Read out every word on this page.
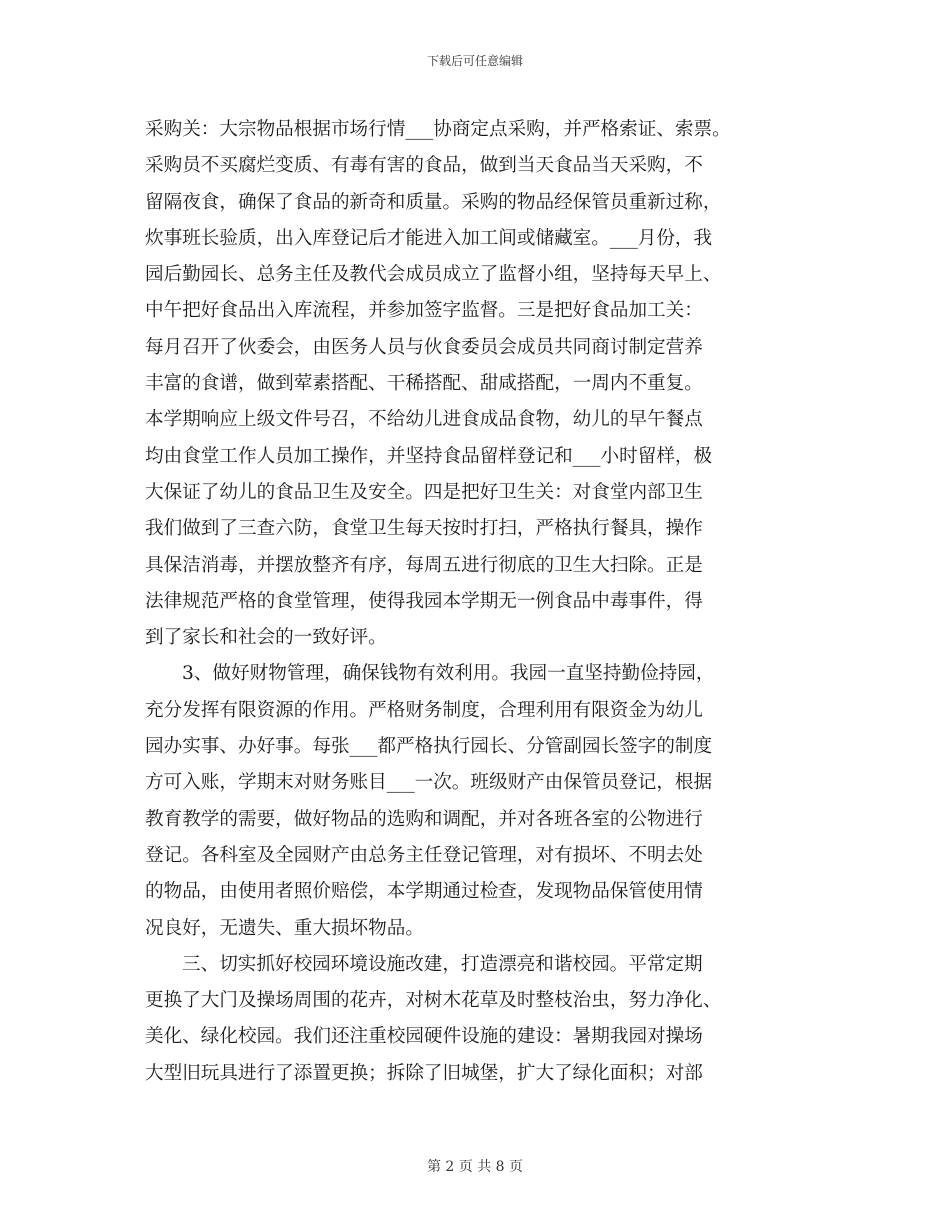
下载后可任意编辑
采购关：大宗物品根据市场行情___协商定点采购，并严格索证、索票。
采购员不买腐烂变质、有毒有害的食品，做到当天食品当天采购，不
留隔夜食，确保了食品的新奇和质量。采购的物品经保管员重新过称，
炊事班长验质，出入库登记后才能进入加工间或储藏室。___月份，我
园后勤园长、总务主任及教代会成员成立了监督小组，坚持每天早上、
中午把好食品出入库流程，并参加签字监督。三是把好食品加工关：
每月召开了伙委会，由医务人员与伙食委员会成员共同商讨制定营养
丰富的食谱，做到荤素搭配、干稀搭配、甜咸搭配，一周内不重复。
本学期响应上级文件号召，不给幼儿进食成品食物，幼儿的早午餐点
均由食堂工作人员加工操作，并坚持食品留样登记和___小时留样，极
大保证了幼儿的食品卫生及安全。四是把好卫生关：对食堂内部卫生
我们做到了三查六防，食堂卫生每天按时打扫，严格执行餐具，操作
具保洁消毒，并摆放整齐有序，每周五进行彻底的卫生大扫除。正是
法律规范严格的食堂管理，使得我园本学期无一例食品中毒事件，得
到了家长和社会的一致好评。
3、做好财物管理，确保钱物有效利用。我园一直坚持勤俭持园，
充分发挥有限资源的作用。严格财务制度，合理利用有限资金为幼儿
园办实事、办好事。每张___都严格执行园长、分管副园长签字的制度
方可入账，学期末对财务账目___一次。班级财产由保管员登记，根据
教育教学的需要，做好物品的选购和调配，并对各班各室的公物进行
登记。各科室及全园财产由总务主任登记管理，对有损坏、不明去处
的物品，由使用者照价赔偿，本学期通过检查，发现物品保管使用情
况良好，无遗失、重大损坏物品。
三、切实抓好校园环境设施改建，打造漂亮和谐校园。平常定期
更换了大门及操场周围的花卉，对树木花草及时整枝治虫，努力净化、
美化、绿化校园。我们还注重校园硬件设施的建设：暑期我园对操场
大型旧玩具进行了添置更换；拆除了旧城堡，扩大了绿化面积；对部
第 2 页 共 8 页
